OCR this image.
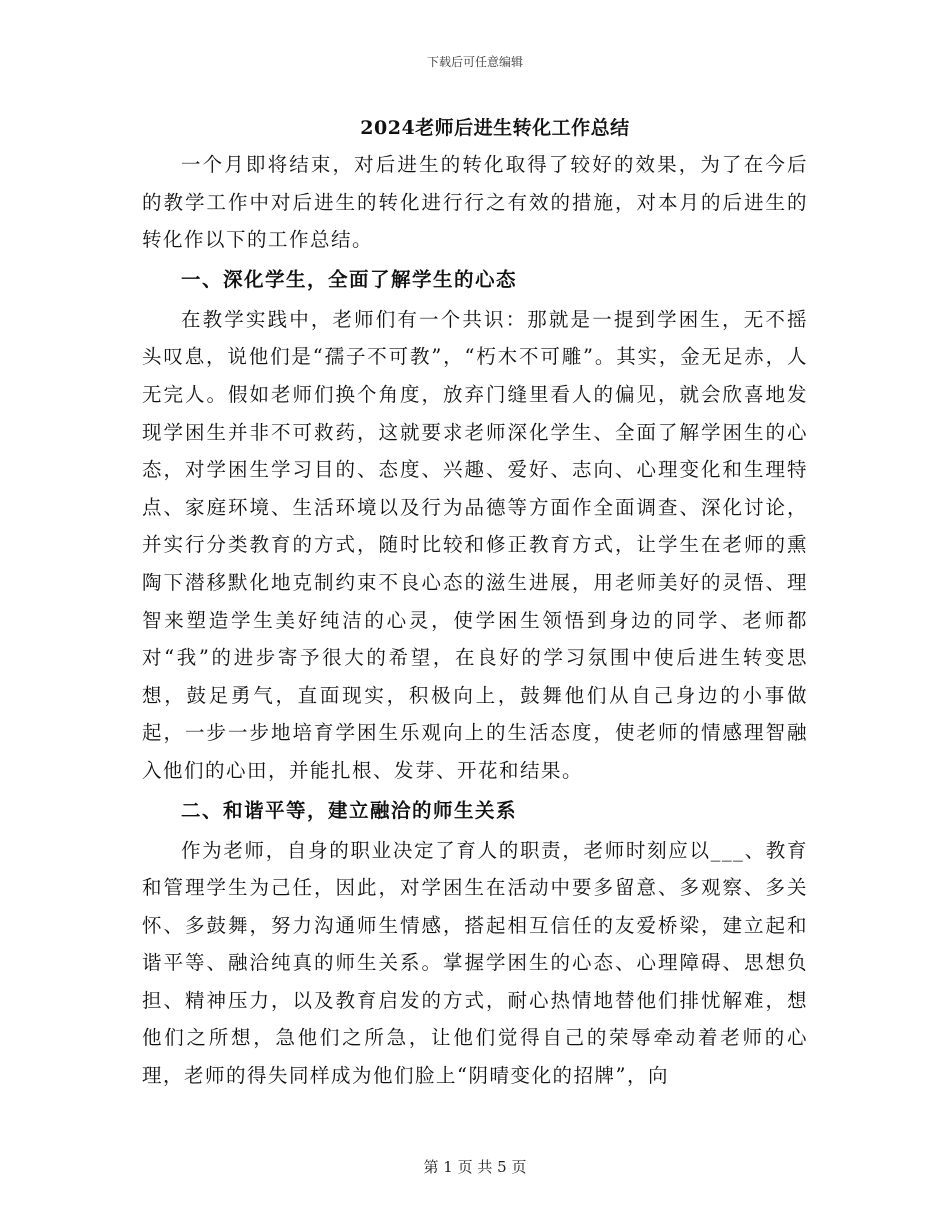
下载后可任意编辑
2024老师后进生转化工作总结

一个月即将结束，对后进生的转化取得了较好的效果，为了在今后的教学工作中对后进生的转化进行行之有效的措施，对本月的后进生的转化作以下的工作总结。

一、深化学生，全面了解学生的心态

在教学实践中，老师们有一个共识：那就是一提到学困生，无不摇头叹息，说他们是“孺子不可教”，“朽木不可雕”。其实，金无足赤，人无完人。假如老师们换个角度，放弃门缝里看人的偏见，就会欣喜地发现学困生并非不可救药，这就要求老师深化学生、全面了解学困生的心态，对学困生学习目的、态度、兴趣、爱好、志向、心理变化和生理特点、家庭环境、生活环境以及行为品德等方面作全面调查、深化讨论，并实行分类教育的方式，随时比较和修正教育方式，让学生在老师的熏陶下潜移默化地克制约束不良心态的滋生进展，用老师美好的灵悟、理智来塑造学生美好纯洁的心灵，使学困生领悟到身边的同学、老师都对“我”的进步寄予很大的希望，在良好的学习氛围中使后进生转变思想，鼓足勇气，直面现实，积极向上，鼓舞他们从自己身边的小事做起，一步一步地培育学困生乐观向上的生活态度，使老师的情感理智融入他们的心田，并能扎根、发芽、开花和结果。

二、和谐平等，建立融洽的师生关系

作为老师，自身的职业决定了育人的职责，老师时刻应以___、教育和管理学生为己任，因此，对学困生在活动中要多留意、多观察、多关怀、多鼓舞，努力沟通师生情感，搭起相互信任的友爱桥梁，建立起和谐平等、融洽纯真的师生关系。掌握学困生的心态、心理障碍、思想负担、精神压力，以及教育启发的方式，耐心热情地替他们排忧解难，想他们之所想，急他们之所急，让他们觉得自己的荣辱牵动着老师的心理，老师的得失同样成为他们脸上“阴晴变化的招牌”，向

第 1 页 共 5 页
